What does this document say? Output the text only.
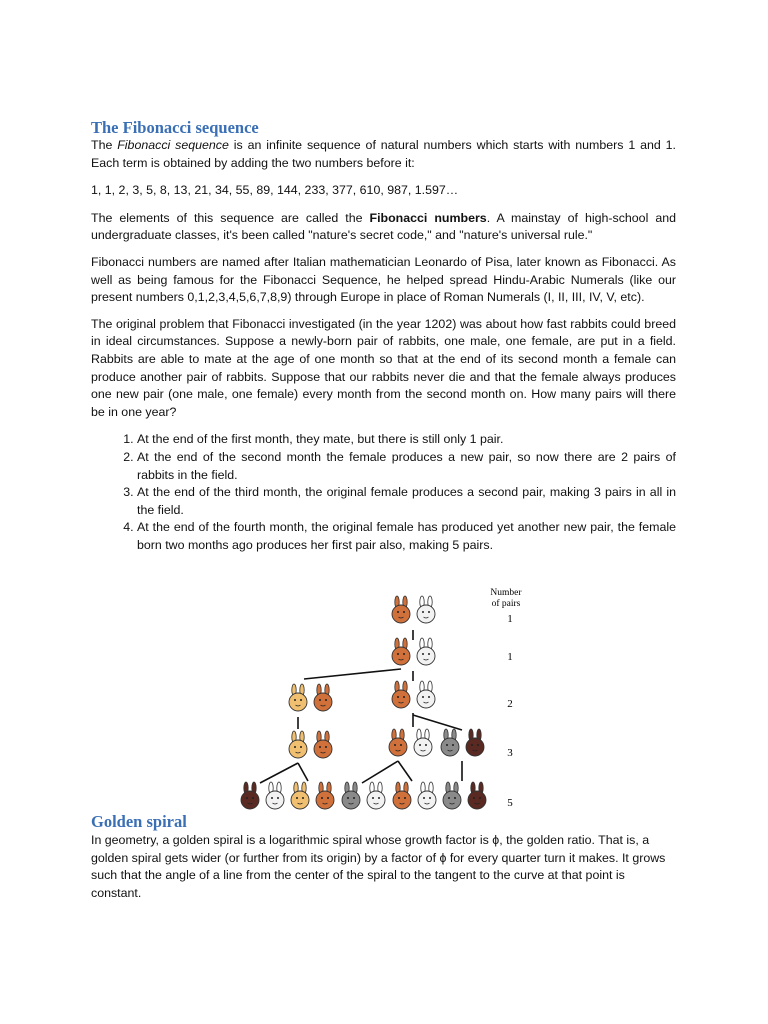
The Fibonacci sequence

The Fibonacci sequence is an infinite sequence of natural numbers which starts with numbers 1 and 1. Each term is obtained by adding the two numbers before it:

1, 1, 2, 3, 5, 8, 13, 21, 34, 55, 89, 144, 233, 377, 610, 987, 1.597…

The elements of this sequence are called the Fibonacci numbers. A mainstay of high-school and undergraduate classes, it's been called "nature's secret code," and "nature's universal rule."

Fibonacci numbers are named after Italian mathematician Leonardo of Pisa, later known as Fibonacci. As well as being famous for the Fibonacci Sequence, he helped spread Hindu-Arabic Numerals (like our present numbers 0,1,2,3,4,5,6,7,8,9) through Europe in place of Roman Numerals (I, II, III, IV, V, etc).

The original problem that Fibonacci investigated (in the year 1202) was about how fast rabbits could breed in ideal circumstances. Suppose a newly-born pair of rabbits, one male, one female, are put in a field. Rabbits are able to mate at the age of one month so that at the end of its second month a female can produce another pair of rabbits. Suppose that our rabbits never die and that the female always produces one new pair (one male, one female) every month from the second month on. How many pairs will there be in one year?

1. At the end of the first month, they mate, but there is still only 1 pair.
2. At the end of the second month the female produces a new pair, so now there are 2 pairs of rabbits in the field.
3. At the end of the third month, the original female produces a second pair, making 3 pairs in all in the field.
4. At the end of the fourth month, the original female has produced yet another new pair, the female born two months ago produces her first pair also, making 5 pairs.
Number
of pairs
1
1
2
3
5
Golden spiral

In geometry, a golden spiral is a logarithmic spiral whose growth factor is ϕ, the golden ratio. That is, a golden spiral gets wider (or further from its origin) by a factor of ϕ for every quarter turn it makes. It grows such that the angle of a line from the center of the spiral to the tangent to the curve at that point is constant.
